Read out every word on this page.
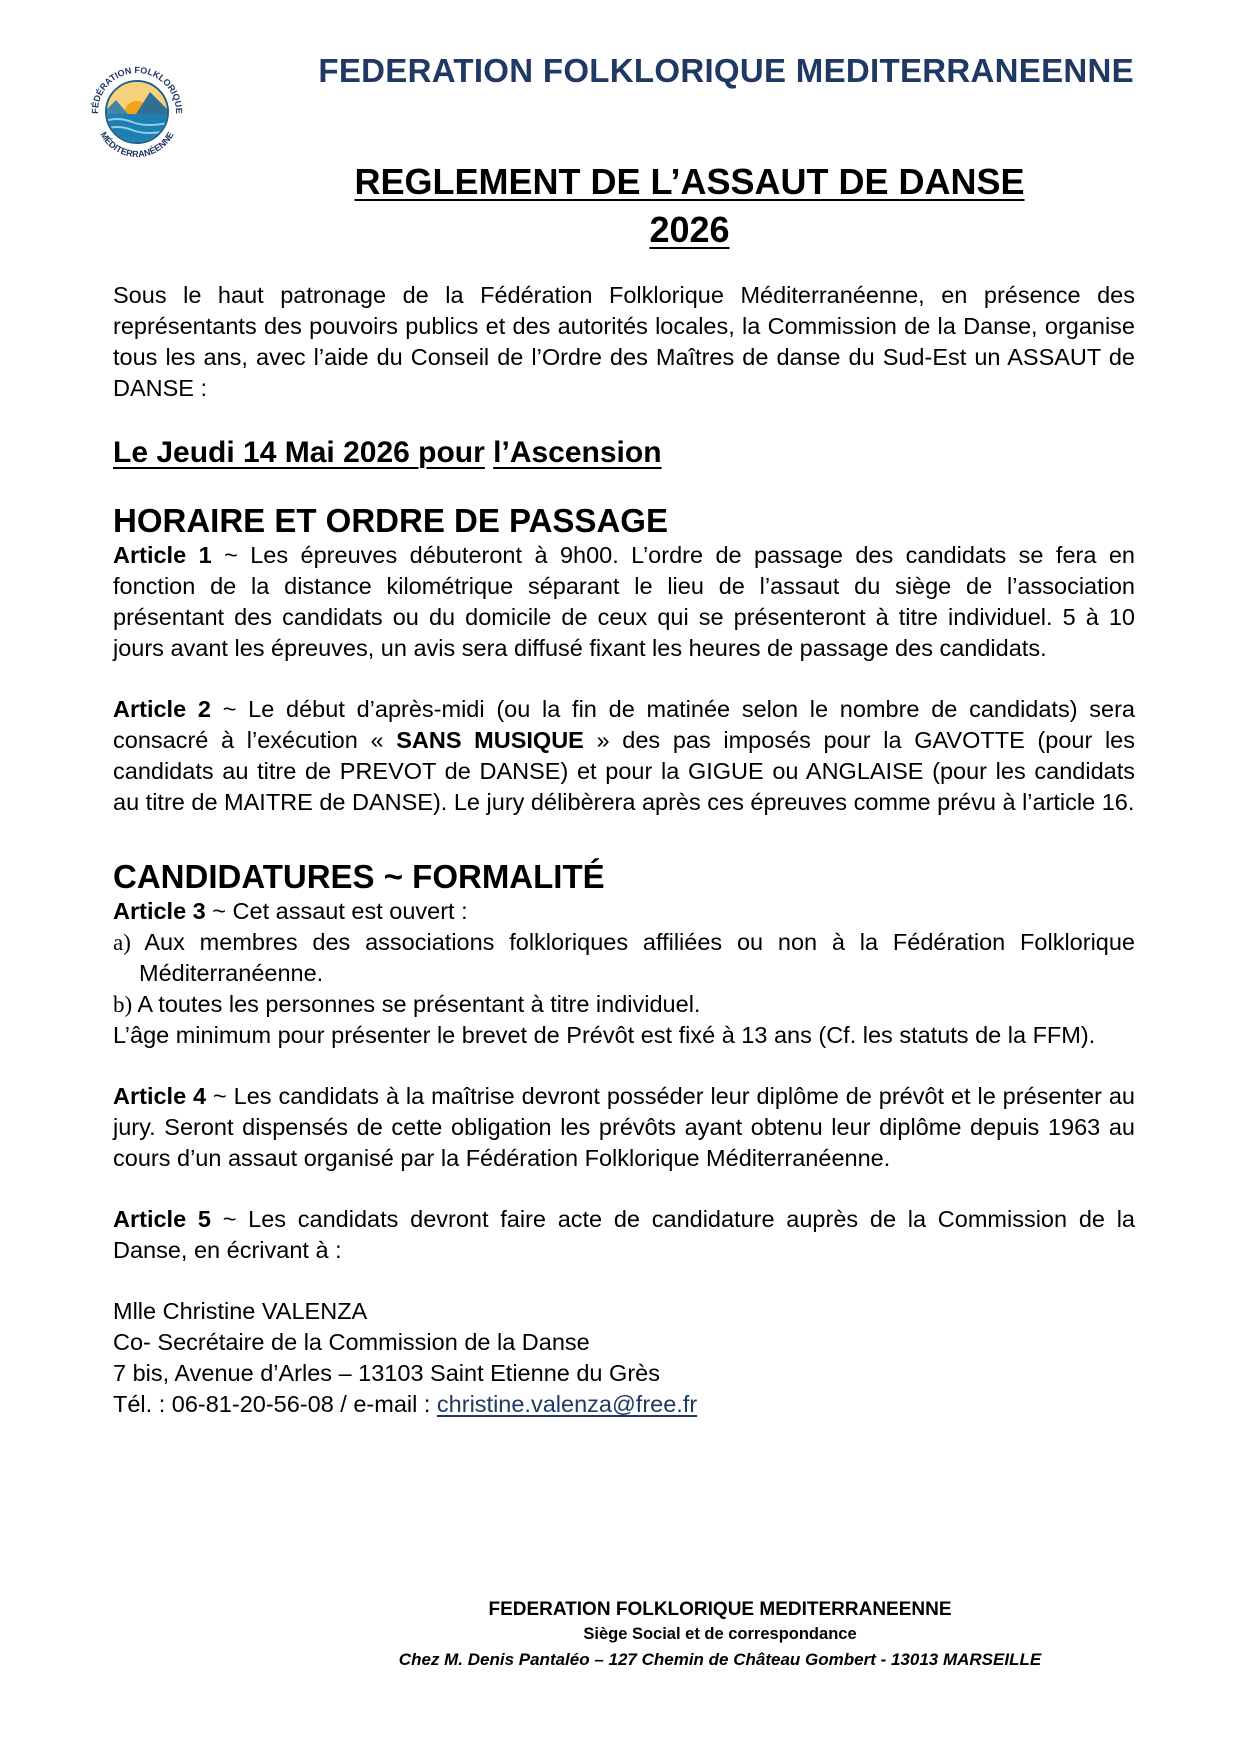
FÉDÉRATION FOLKLORIQUE
MÉDITERRANÉENNE
FEDERATION FOLKLORIQUE MEDITERRANEENNE
REGLEMENT DE L’ASSAUT DE DANSE
2026

Sous le haut patronage de la Fédération Folklorique Méditerranéenne, en présence des représentants des pouvoirs publics et des autorités locales, la Commission de la Danse, organise tous les ans, avec l’aide du Conseil de l’Ordre des Maîtres de danse du Sud-Est un ASSAUT de DANSE :

Le Jeudi 14 Mai 2026 pour l’Ascension

HORAIRE ET ORDRE DE PASSAGE

Article 1 ~ Les épreuves débuteront à 9h00. L’ordre de passage des candidats se fera en fonction de la distance kilométrique séparant le lieu de l’assaut du siège de l’association présentant des candidats ou du domicile de ceux qui se présenteront à titre individuel. 5 à 10 jours avant les épreuves, un avis sera diffusé fixant les heures de passage des candidats.

Article 2 ~ Le début d’après-midi (ou la fin de matinée selon le nombre de candidats) sera consacré à l’exécution « SANS MUSIQUE » des pas imposés pour la GAVOTTE (pour les candidats au titre de PREVOT de DANSE) et pour la GIGUE ou ANGLAISE (pour les candidats au titre de MAITRE de DANSE). Le jury délibèrera après ces épreuves comme prévu à l’article 16.

CANDIDATURES ~ FORMALITÉ

Article 3 ~ Cet assaut est ouvert :

a) Aux membres des associations folkloriques affiliées ou non à la Fédération Folklorique Méditerranéenne.

b) A toutes les personnes se présentant à titre individuel.

L’âge minimum pour présenter le brevet de Prévôt est fixé à 13 ans (Cf. les statuts de la FFM).

Article 4 ~ Les candidats à la maîtrise devront posséder leur diplôme de prévôt et le présenter au jury. Seront dispensés de cette obligation les prévôts ayant obtenu leur diplôme depuis 1963 au cours d’un assaut organisé par la Fédération Folklorique Méditerranéenne.

Article 5 ~ Les candidats devront faire acte de candidature auprès de la Commission de la Danse, en écrivant à :

Mlle Christine VALENZA

Co- Secrétaire de la Commission de la Danse

7 bis, Avenue d’Arles – 13103 Saint Etienne du Grès

Tél. : 06-81-20-56-08 / e-mail : christine.valenza@free.fr

FEDERATION FOLKLORIQUE MEDITERRANEENNE
Siège Social et de correspondance
Chez M. Denis Pantaléo – 127 Chemin de Château Gombert - 13013 MARSEILLE
